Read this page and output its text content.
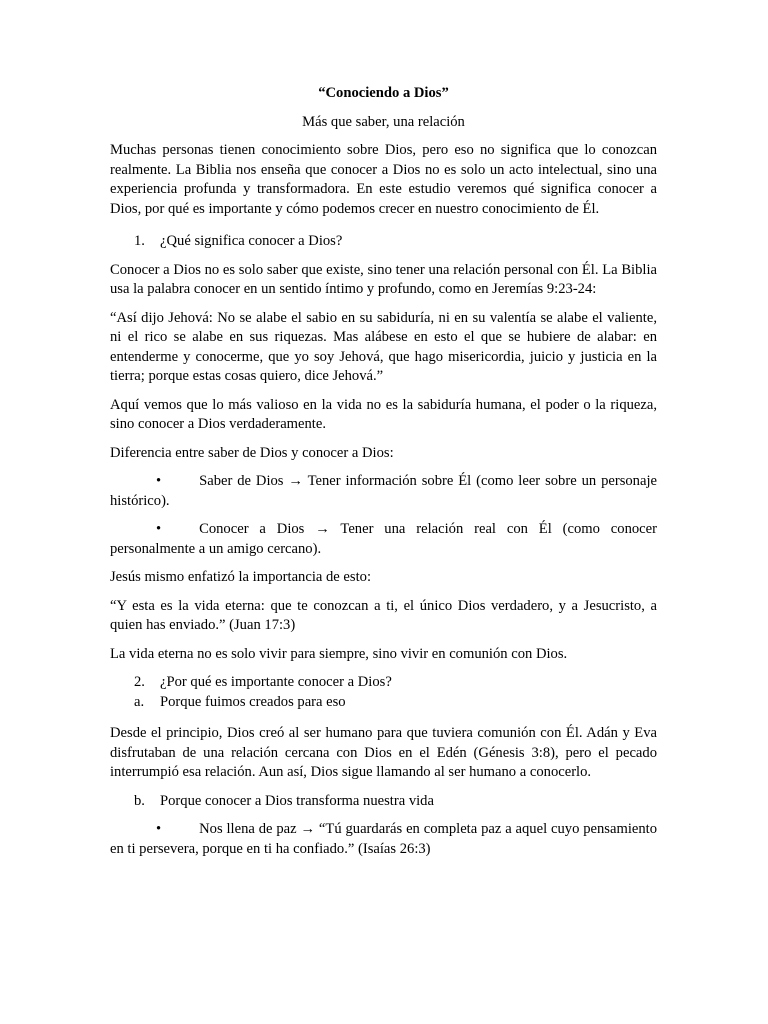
“Conociendo a Dios”

Más que saber, una relación

Muchas personas tienen conocimiento sobre Dios, pero eso no significa que lo conozcan realmente. La Biblia nos enseña que conocer a Dios no es solo un acto intelectual, sino una experiencia profunda y transformadora. En este estudio veremos qué significa conocer a Dios, por qué es importante y cómo podemos crecer en nuestro conocimiento de Él.

1. ¿Qué significa conocer a Dios?

Conocer a Dios no es solo saber que existe, sino tener una relación personal con Él. La Biblia usa la palabra conocer en un sentido íntimo y profundo, como en Jeremías 9:23-24:

“Así dijo Jehová: No se alabe el sabio en su sabiduría, ni en su valentía se alabe el valiente, ni el rico se alabe en sus riquezas. Mas alábese en esto el que se hubiere de alabar: en entenderme y conocerme, que yo soy Jehová, que hago misericordia, juicio y justicia en la tierra; porque estas cosas quiero, dice Jehová.”

Aquí vemos que lo más valioso en la vida no es la sabiduría humana, el poder o la riqueza, sino conocer a Dios verdaderamente.

Diferencia entre saber de Dios y conocer a Dios:

•	Saber de Dios → Tener información sobre Él (como leer sobre un personaje histórico).

•	Conocer a Dios → Tener una relación real con Él (como conocer personalmente a un amigo cercano).

Jesús mismo enfatizó la importancia de esto:

“Y esta es la vida eterna: que te conozcan a ti, el único Dios verdadero, y a Jesucristo, a quien has enviado.” (Juan 17:3)

La vida eterna no es solo vivir para siempre, sino vivir en comunión con Dios.

2. ¿Por qué es importante conocer a Dios?

a. Porque fuimos creados para eso

Desde el principio, Dios creó al ser humano para que tuviera comunión con Él. Adán y Eva disfrutaban de una relación cercana con Dios en el Edén (Génesis 3:8), pero el pecado interrumpió esa relación. Aun así, Dios sigue llamando al ser humano a conocerlo.

b. Porque conocer a Dios transforma nuestra vida

•	Nos llena de paz → “Tú guardarás en completa paz a aquel cuyo pensamiento en ti persevera, porque en ti ha confiado.” (Isaías 26:3)
